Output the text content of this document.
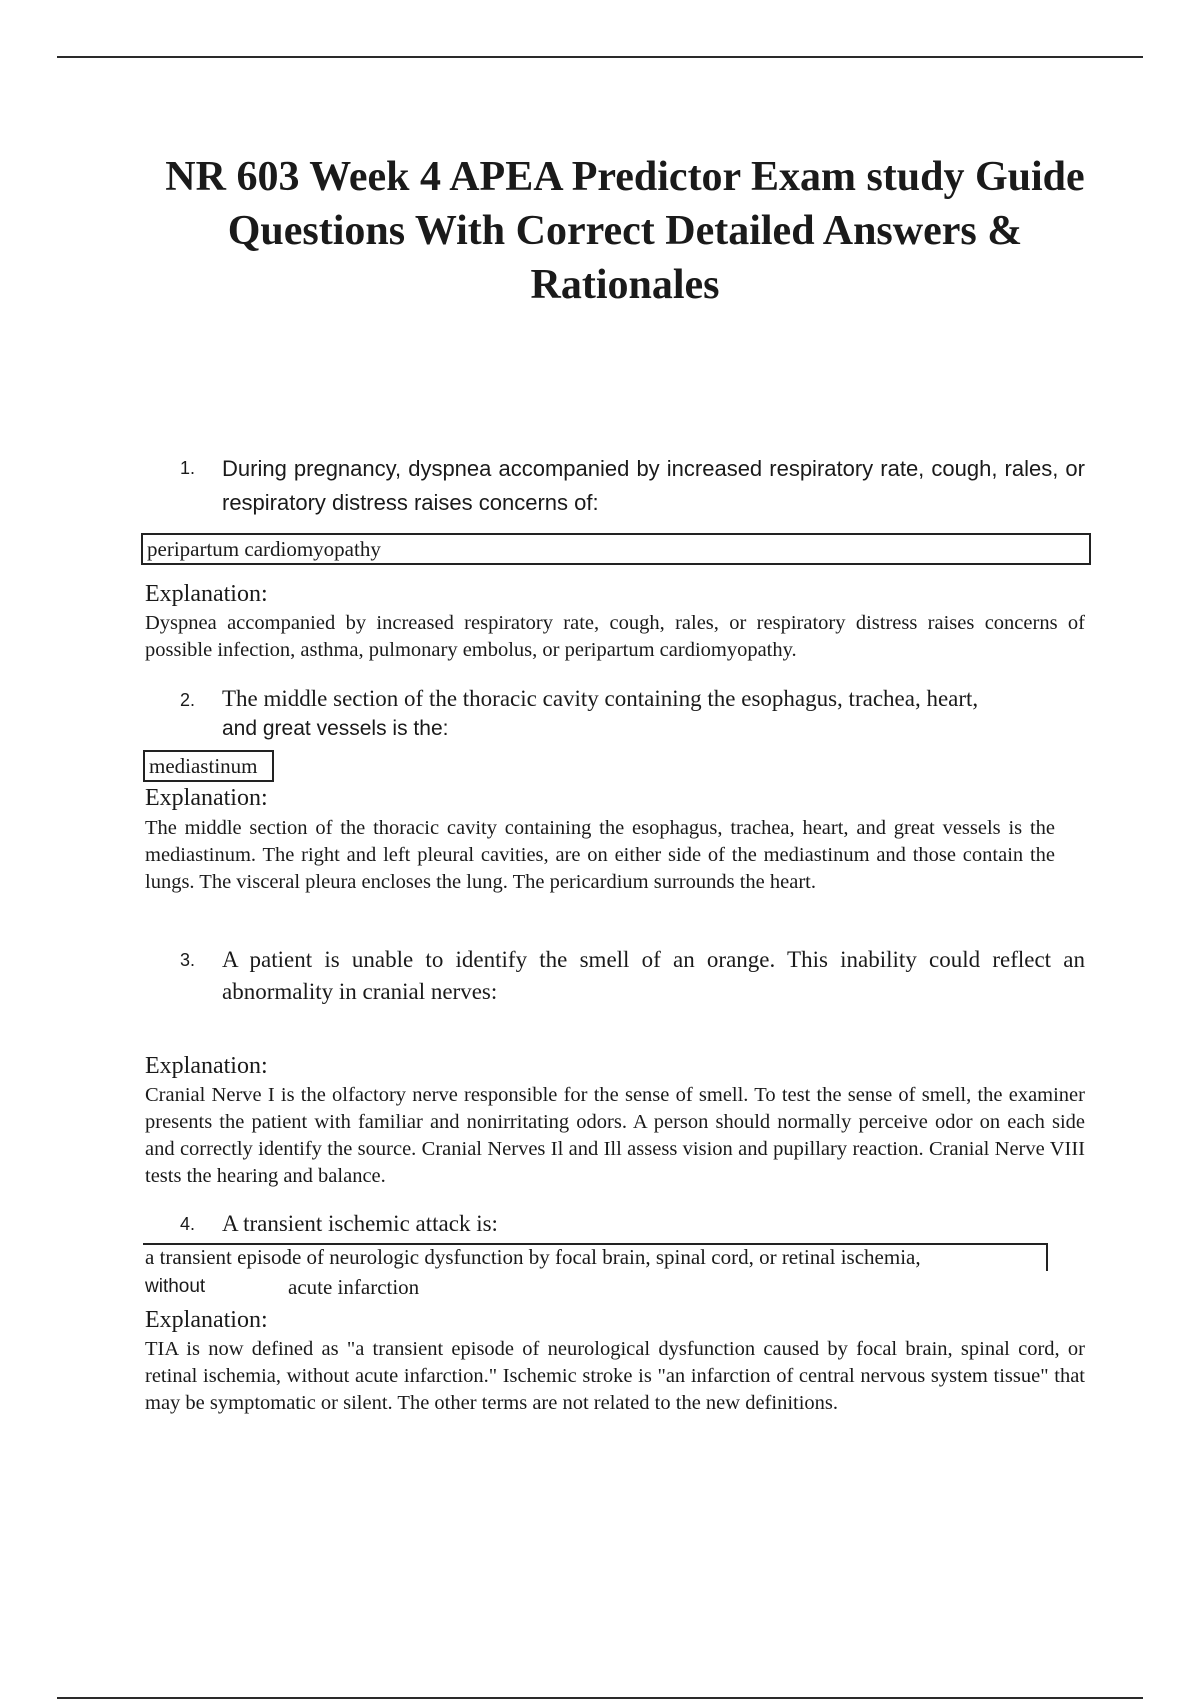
NR 603 Week 4 APEA Predictor Exam study Guide Questions With Correct Detailed Answers & Rationales
1.	During pregnancy, dyspnea accompanied by increased respiratory rate, cough, rales, or respiratory distress raises concerns of:
peripartum cardiomyopathy
Explanation:

Dyspnea accompanied by increased respiratory rate, cough, rales, or respiratory distress raises concerns of possible infection, asthma, pulmonary embolus, or peripartum cardiomyopathy.

2.	The middle section of the thoracic cavity containing the esophagus, trachea, heart,
and great vessels is the:
mediastinum
Explanation:

The middle section of the thoracic cavity containing the esophagus, trachea, heart, and great vessels is the mediastinum. The right and left pleural cavities, are on either side of the mediastinum and those contain the lungs. The visceral pleura encloses the lung. The pericardium surrounds the heart.

3.	A patient is unable to identify the smell of an orange. This inability could reflect an abnormality in cranial nerves:
Explanation:

Cranial Nerve I is the olfactory nerve responsible for the sense of smell. To test the sense of smell, the examiner presents the patient with familiar and nonirritating odors. A person should normally perceive odor on each side and correctly identify the source. Cranial Nerves Il and Ill assess vision and pupillary reaction. Cranial Nerve VIII tests the hearing and balance.

4.	A transient ischemic attack is:
a transient episode of neurologic dysfunction by focal brain, spinal cord, or retinal ischemia,
without	acute infarction
Explanation:

TIA is now defined as "a transient episode of neurological dysfunction caused by focal brain, spinal cord, or retinal ischemia, without acute infarction." Ischemic stroke is "an infarction of central nervous system tissue" that may be symptomatic or silent. The other terms are not related to the new definitions.
